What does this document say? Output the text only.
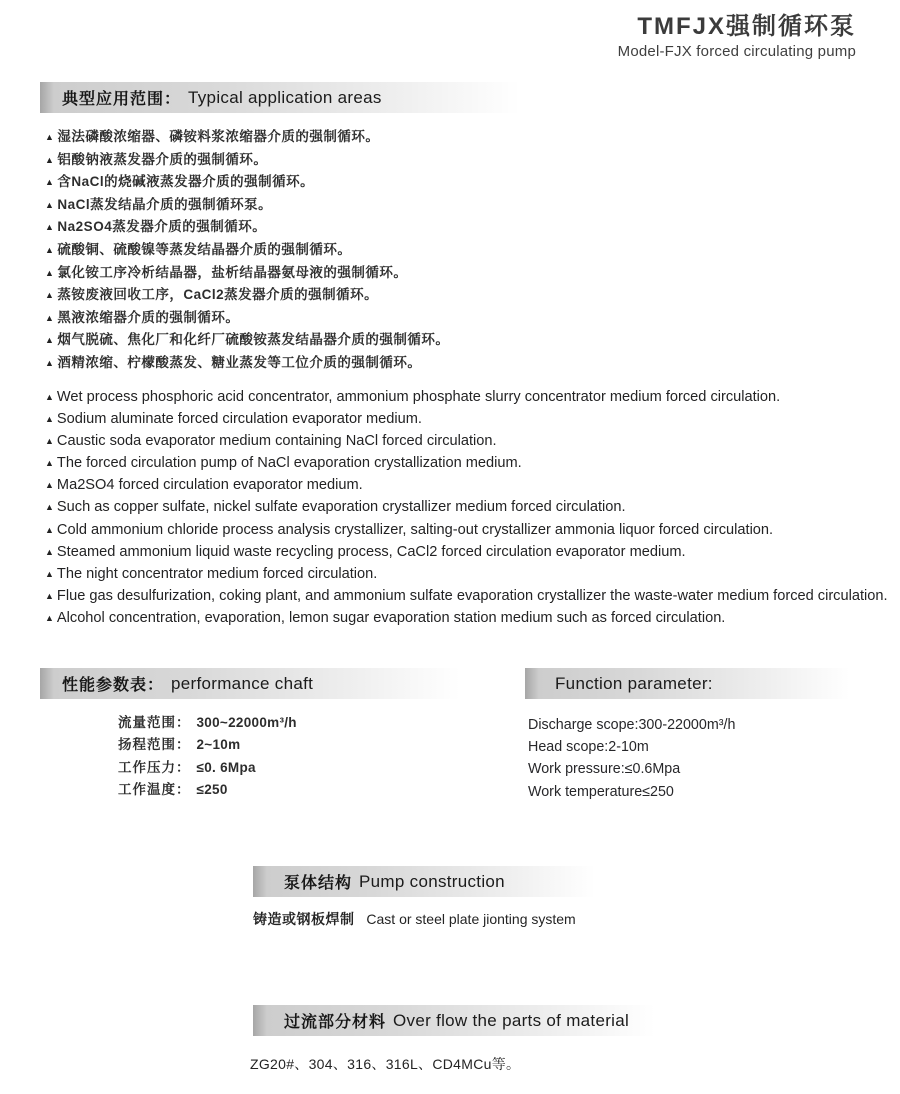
TMFJX强制循环泵
Model-FJX forced circulating pump
典型应用范围： Typical application areas
▲ 湿法磷酸浓缩器、磷铵料浆浓缩器介质的强制循环。
▲ 铝酸钠液蒸发器介质的强制循环。
▲ 含NaCl的烧碱液蒸发器介质的强制循环。
▲ NaCl蒸发结晶介质的强制循环泵。
▲ Na2SO4蒸发器介质的强制循环。
▲ 硫酸铜、硫酸镍等蒸发结晶器介质的强制循环。
▲ 氯化铵工序冷析结晶器，盐析结晶器氨母液的强制循环。
▲ 蒸铵废液回收工序，CaCl2蒸发器介质的强制循环。
▲ 黑液浓缩器介质的强制循环。
▲ 烟气脱硫、焦化厂和化纤厂硫酸铵蒸发结晶器介质的强制循环。
▲ 酒精浓缩、柠檬酸蒸发、糖业蒸发等工位介质的强制循环。
▲ Wet process phosphoric acid concentrator, ammonium phosphate slurry concentrator medium forced circulation.
▲ Sodium aluminate forced circulation evaporator medium.
▲ Caustic soda evaporator medium containing NaCl forced circulation.
▲ The forced circulation pump of NaCl evaporation crystallization medium.
▲ Ma2SO4 forced circulation evaporator medium.
▲ Such as copper sulfate, nickel sulfate evaporation crystallizer medium forced circulation.
▲ Cold ammonium chloride process analysis crystallizer, salting-out crystallizer ammonia liquor forced circulation.
▲ Steamed ammonium liquid waste recycling process, CaCl2 forced circulation evaporator medium.
▲ The night concentrator medium forced circulation.
▲ Flue gas desulfurization, coking plant, and ammonium sulfate evaporation crystallizer the waste-water medium forced circulation.
▲ Alcohol concentration, evaporation, lemon sugar evaporation station medium such as forced circulation.
性能参数表： performance chaft	Function parameter:
流量范围： 300~22000m³/h
扬程范围： 2~10m
工作压力： ≤0. 6Mpa
工作温度： ≤250
Discharge scope:300-22000m³/h
Head scope:2-10m
Work pressure:≤0.6Mpa
Work temperature≤250
泵体结构 Pump construction
铸造或钢板焊制 Cast or steel plate jionting system
过流部分材料 Over flow the parts of material
ZG20#、304、316、316L、CD4MCu等。
